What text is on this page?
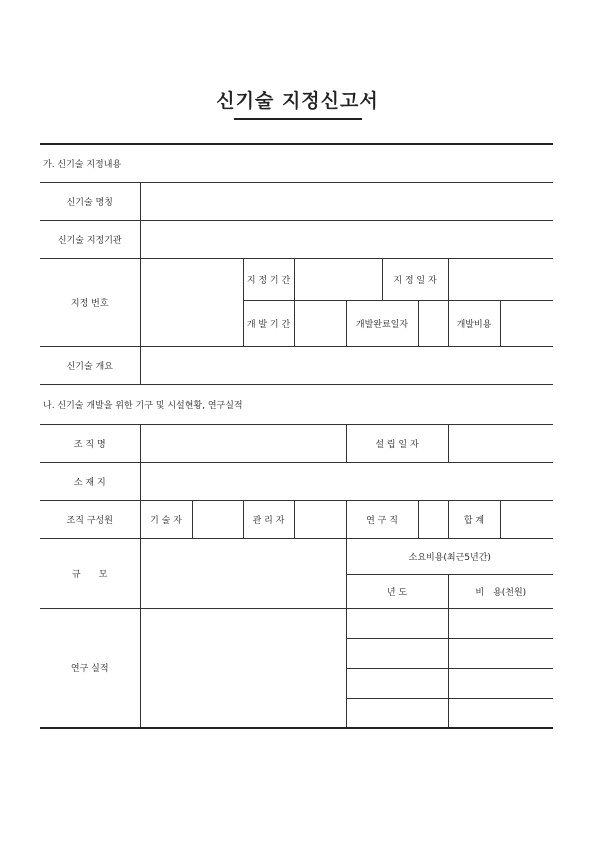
신기술 지정신고서
가. 신기술 지정내용									
신기술 명칭									
신기술 지정기관									
지정 번호			지 정 기 간			지 정 일 자			
			개 발 기 간		개발완료일자			개발비용	
신기술 개요									
나. 신기술 개발을 위한 기구 및 시설현황, 연구실적									
조 직 명					설 립 일 자				
소 재 지									
조직 구성원	기 술 자		관 리 자		연 구 직			합 계	
규　　모					소요비용(최근5년간)				
					년 도			비　용(천원)	
연구 실적									
